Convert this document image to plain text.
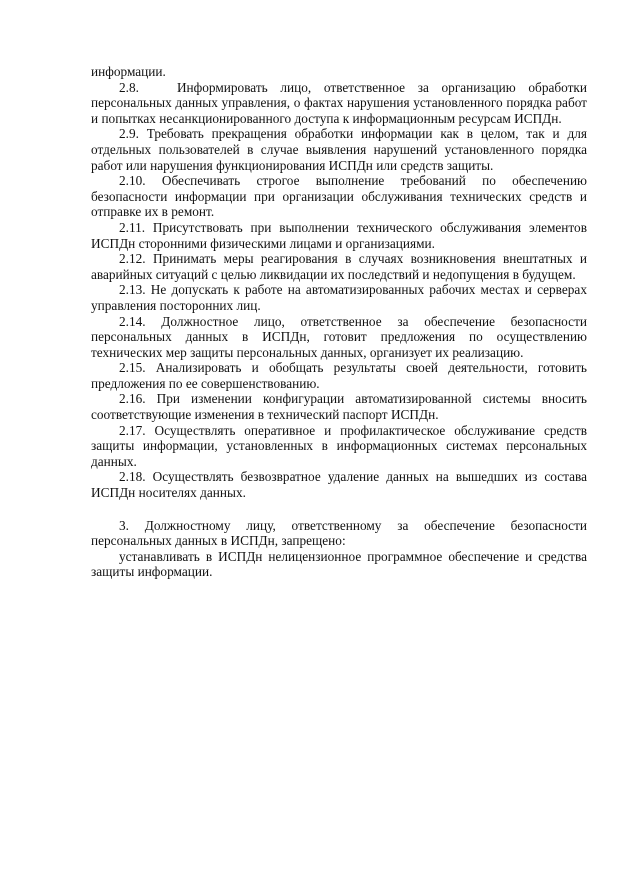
информации.

2.8.   Информировать лицо, ответственное за организацию обработки персональных данных управления, о фактах нарушения установленного порядка работ и попытках несанкционированного доступа к информационным ресурсам ИСПДн.

2.9. Требовать прекращения обработки информации как в целом, так и для отдельных пользователей в случае выявления нарушений установленного порядка работ или нарушения функционирования ИСПДн или средств защиты.

2.10. Обеспечивать строгое выполнение требований по обеспечению безопасности информации при организации обслуживания технических средств и отправке их в ремонт.

2.11. Присутствовать при выполнении технического обслуживания элементов ИСПДн сторонними физическими лицами и организациями.

2.12. Принимать меры реагирования в случаях возникновения внештатных и аварийных ситуаций с целью ликвидации их последствий и недопущения в будущем.

2.13. Не допускать к работе на автоматизированных рабочих местах и серверах управления посторонних лиц.

2.14. Должностное лицо, ответственное за обеспечение безопасности персональных данных в ИСПДн, готовит предложения по осуществлению технических мер защиты персональных данных, организует их реализацию.

2.15. Анализировать и обобщать результаты своей деятельности, готовить предложения по ее совершенствованию.

2.16. При изменении конфигурации автоматизированной системы вносить соответствующие изменения в технический паспорт ИСПДн.

2.17. Осуществлять оперативное и профилактическое обслуживание средств защиты информации, установленных в информационных системах персональных данных.

2.18. Осуществлять безвозвратное удаление данных на вышедших из состава ИСПДн носителях данных.

3. Должностному лицу, ответственному за обеспечение безопасности персональных данных в ИСПДн, запрещено:

устанавливать в ИСПДн нелицензионное программное обеспечение и средства защиты информации.
